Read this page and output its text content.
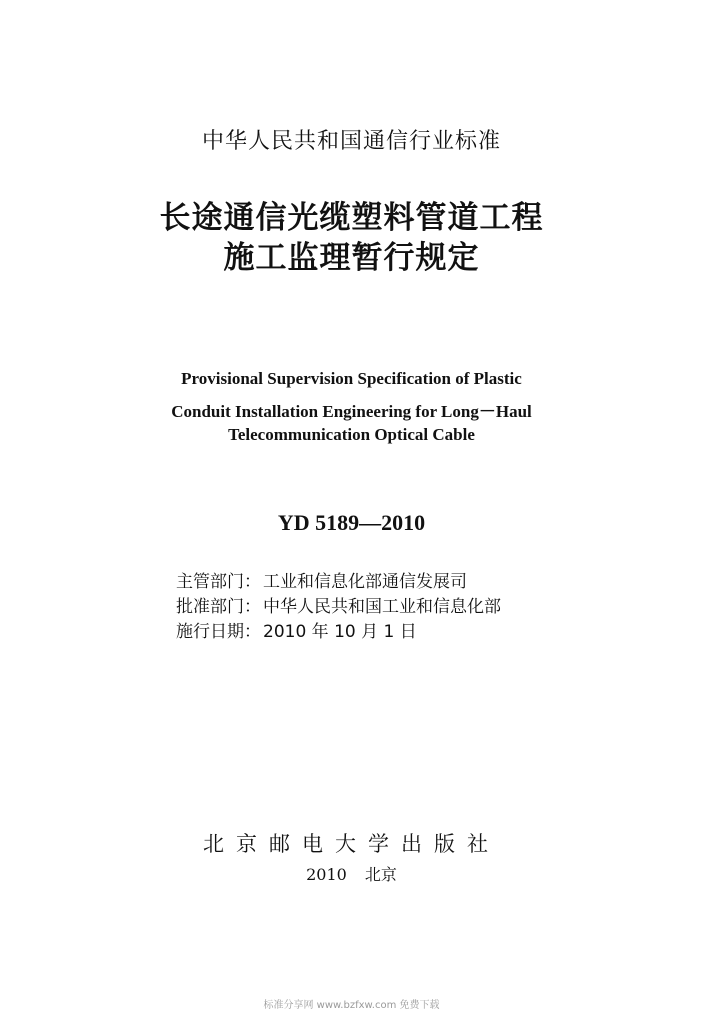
中华人民共和国通信行业标准
长途通信光缆塑料管道工程
施工监理暂行规定
Provisional Supervision Specification of Plastic
Conduit Installation Engineering for Long－Haul
Telecommunication Optical Cable
YD 5189—2010
主管部门： 工业和信息化部通信发展司
批准部门： 中华人民共和国工业和信息化部
施行日期： 2010 年 10 月 1 日
北京邮电大学出版社
2010 北京
标准分享网 www.bzfxw.com 免费下载
